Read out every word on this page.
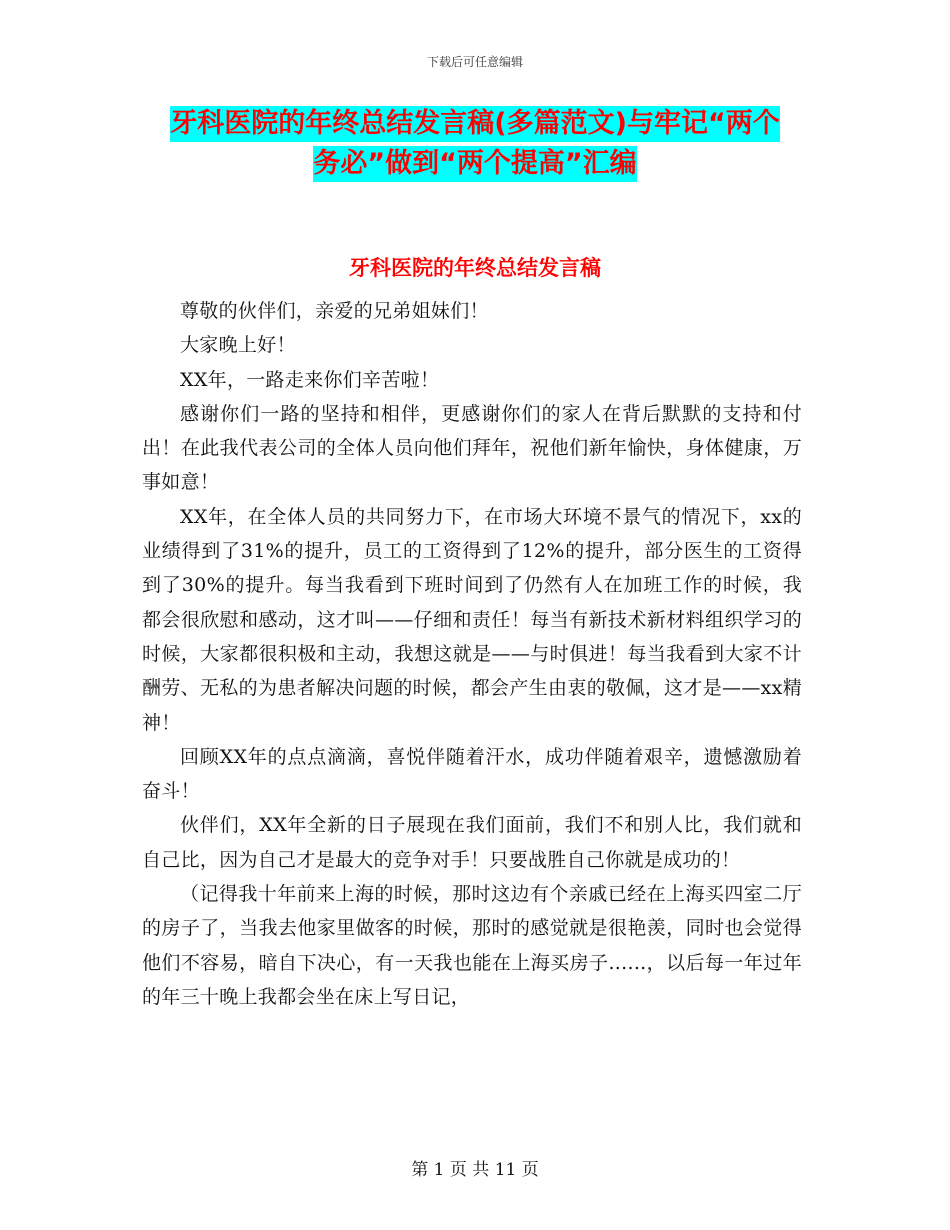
下载后可任意编辑
牙科医院的年终总结发言稿(多篇范文)与牢记“两个
务必”做到“两个提高”汇编
牙科医院的年终总结发言稿

尊敬的伙伴们，亲爱的兄弟姐妹们！

大家晚上好！

XX年，一路走来你们辛苦啦！

感谢你们一路的坚持和相伴，更感谢你们的家人在背后默默的支持和付出！在此我代表公司的全体人员向他们拜年，祝他们新年愉快，身体健康，万事如意！

XX年，在全体人员的共同努力下，在市场大环境不景气的情况下，xx的业绩得到了31%的提升，员工的工资得到了12%的提升，部分医生的工资得到了30%的提升。每当我看到下班时间到了仍然有人在加班工作的时候，我都会很欣慰和感动，这才叫——仔细和责任！每当有新技术新材料组织学习的时候，大家都很积极和主动，我想这就是——与时俱进！每当我看到大家不计酬劳、无私的为患者解决问题的时候，都会产生由衷的敬佩，这才是——xx精神！

回顾XX年的点点滴滴，喜悦伴随着汗水，成功伴随着艰辛，遗憾激励着奋斗！

伙伴们，XX年全新的日子展现在我们面前，我们不和别人比，我们就和自己比，因为自己才是最大的竞争对手！只要战胜自己你就是成功的！

（记得我十年前来上海的时候，那时这边有个亲戚已经在上海买四室二厅的房子了，当我去他家里做客的时候，那时的感觉就是很艳羡，同时也会觉得他们不容易，暗自下决心，有一天我也能在上海买房子......，以后每一年过年的年三十晚上我都会坐在床上写日记，

第 1 页 共 11 页
